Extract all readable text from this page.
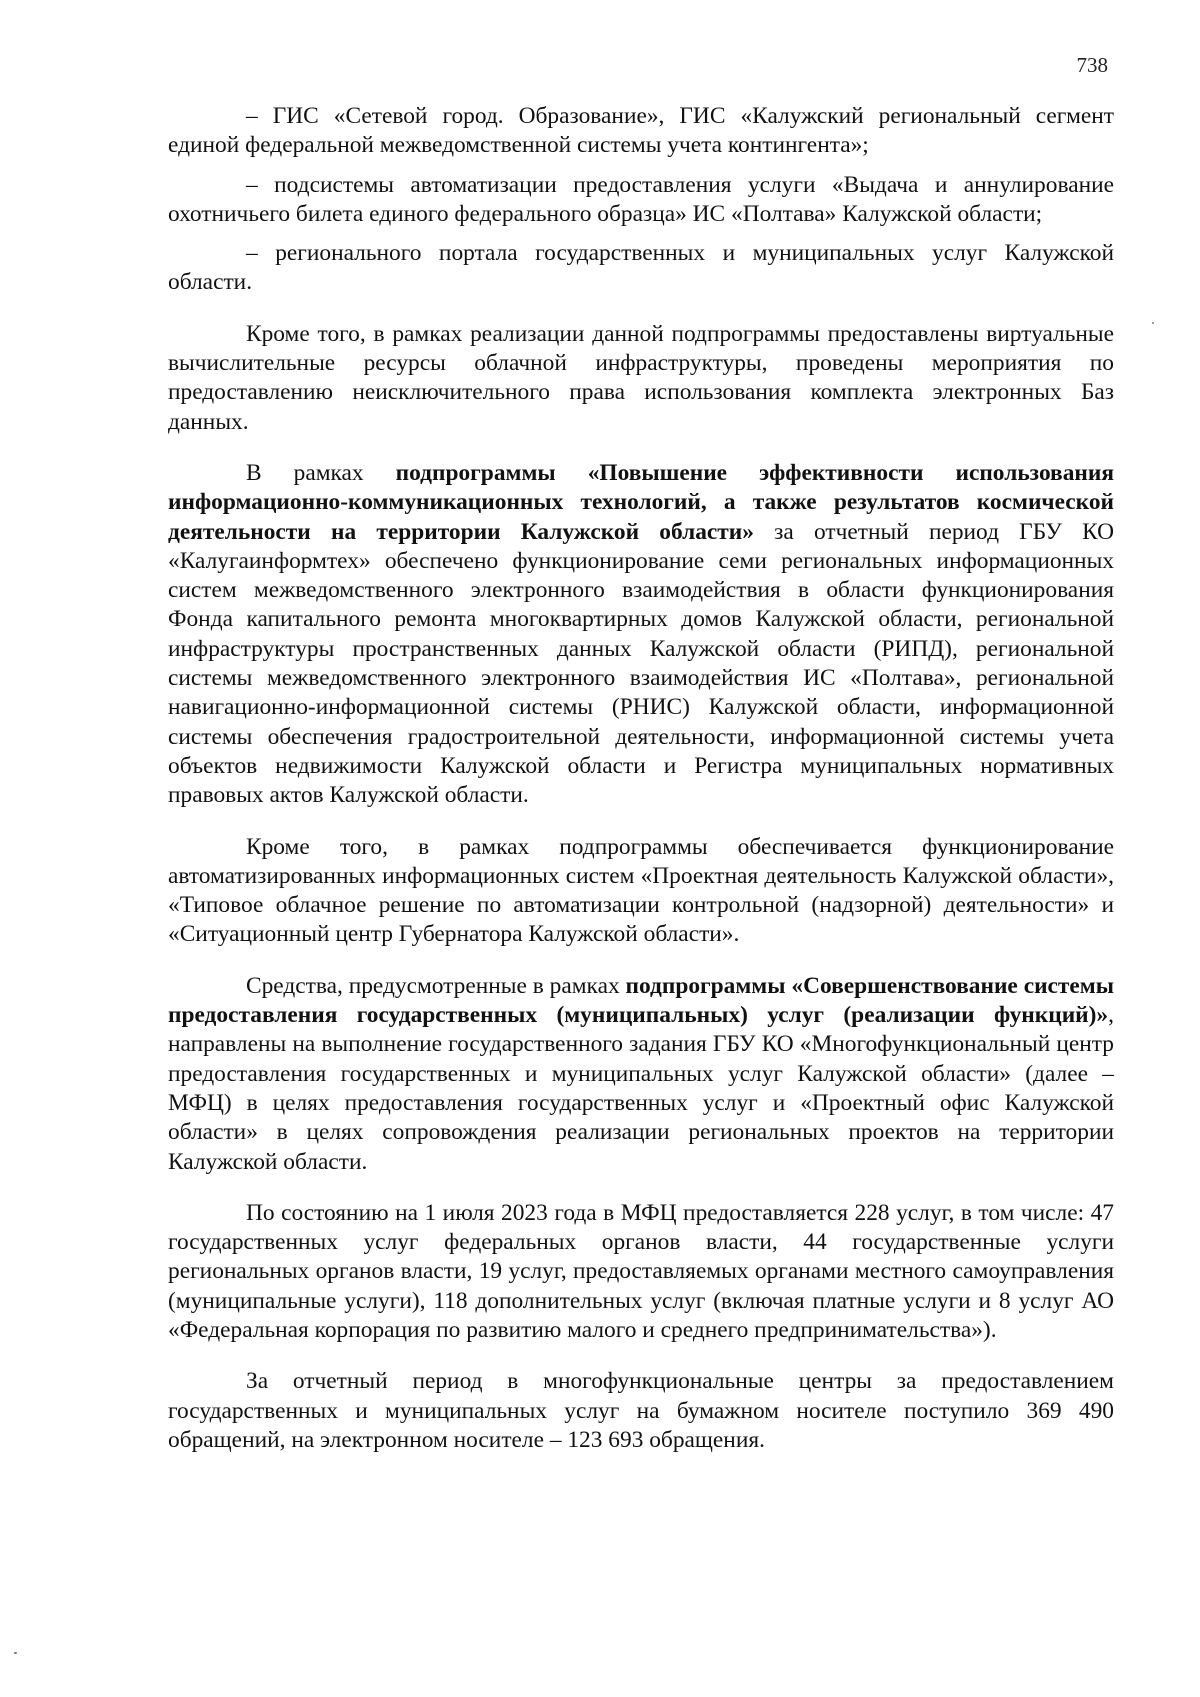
738

– ГИС «Сетевой город. Образование», ГИС «Калужский региональный сегмент единой федеральной межведомственной системы учета контингента»;

– подсистемы автоматизации предоставления услуги «Выдача и аннулирование охотничьего билета единого федерального образца» ИС «Полтава» Калужской области;

– регионального портала государственных и муниципальных услуг Калужской области.

Кроме того, в рамках реализации данной подпрограммы предоставлены виртуальные вычислительные ресурсы облачной инфраструктуры, проведены мероприятия по предоставлению неисключительного права использования комплекта электронных Баз данных.

В рамках подпрограммы «Повышение эффективности использования информационно-коммуникационных технологий, а также результатов космической деятельности на территории Калужской области» за отчетный период ГБУ КО «Калугаинформтех» обеспечено функционирование семи региональных информационных систем межведомственного электронного взаимодействия в области функционирования Фонда капитального ремонта многоквартирных домов Калужской области, региональной инфраструктуры пространственных данных Калужской области (РИПД), региональной системы межведомственного электронного взаимодействия ИС «Полтава», региональной навигационно-информационной системы (РНИС) Калужской области, информационной системы обеспечения градостроительной деятельности, информационной системы учета объектов недвижимости Калужской области и Регистра муниципальных нормативных правовых актов Калужской области.

Кроме того, в рамках подпрограммы обеспечивается функционирование автоматизированных информационных систем «Проектная деятельность Калужской области», «Типовое облачное решение по автоматизации контрольной (надзорной) деятельности» и «Ситуационный центр Губернатора Калужской области».

Средства, предусмотренные в рамках подпрограммы «Совершенствование системы предоставления государственных (муниципальных) услуг (реализации функций)», направлены на выполнение государственного задания ГБУ КО «Многофункциональный центр предоставления государственных и муниципальных услуг Калужской области» (далее – МФЦ) в целях предоставления государственных услуг и «Проектный офис Калужской области» в целях сопровождения реализации региональных проектов на территории Калужской области.

По состоянию на 1 июля 2023 года в МФЦ предоставляется 228 услуг, в том числе: 47 государственных услуг федеральных органов власти, 44 государственные услуги региональных органов власти, 19 услуг, предоставляемых органами местного самоуправления (муниципальные услуги), 118 дополнительных услуг (включая платные услуги и 8 услуг АО «Федеральная корпорация по развитию малого и среднего предпринимательства»).

За отчетный период в многофункциональные центры за предоставлением государственных и муниципальных услуг на бумажном носителе поступило 369 490 обращений, на электронном носителе – 123 693 обращения.
